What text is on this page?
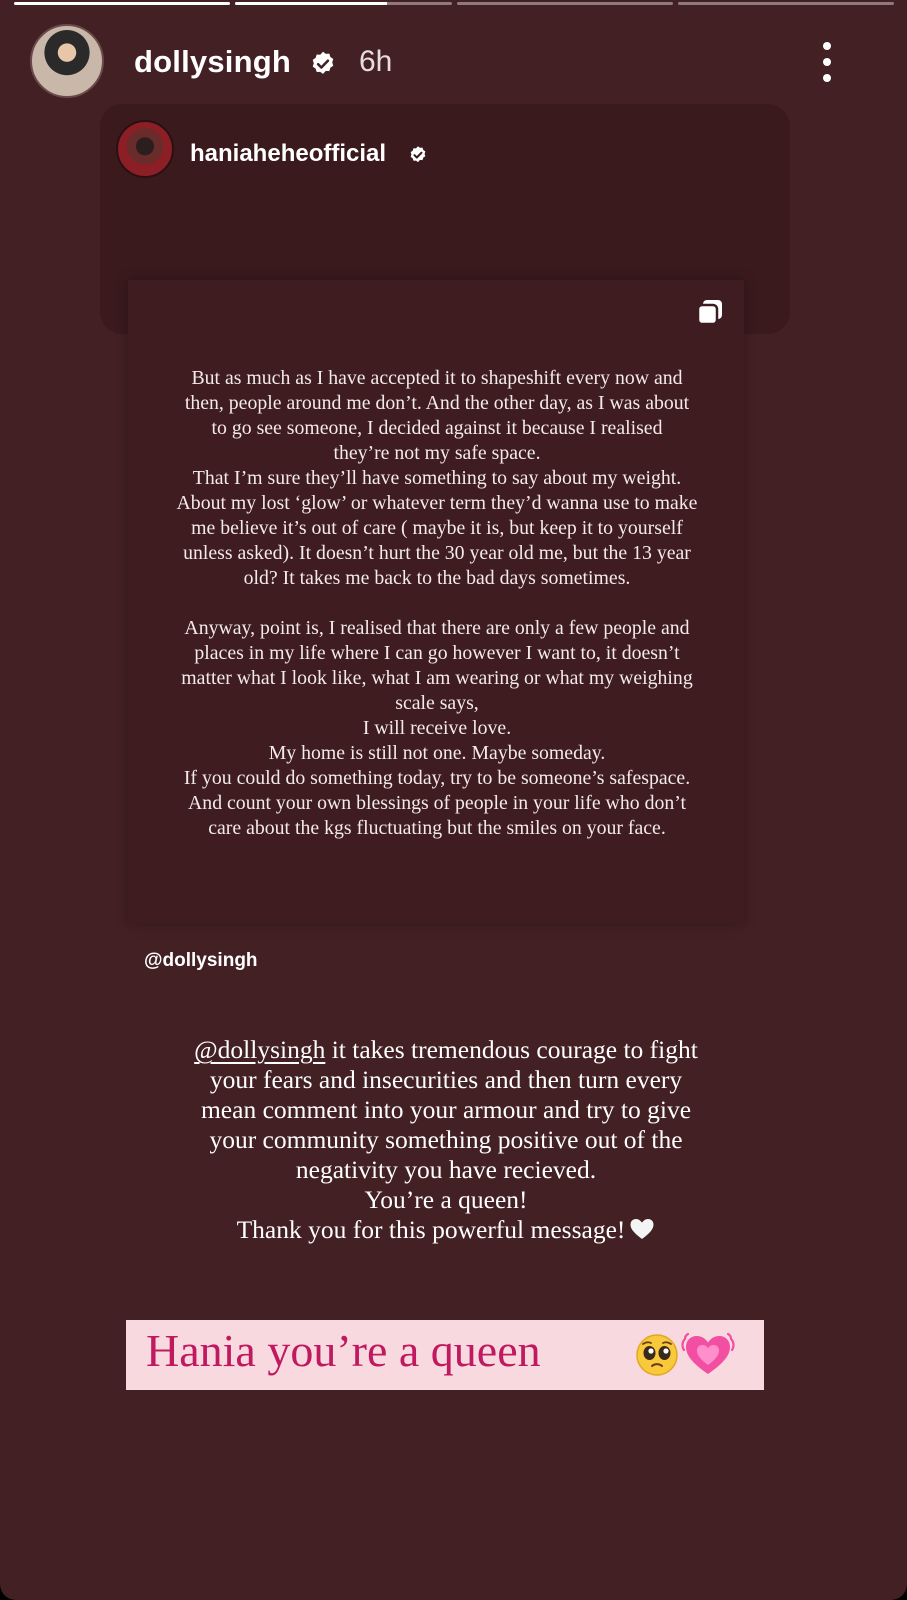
dollysingh 6h
haniaheheofficial

But as much as I have accepted it to shapeshift every now and

then, people around me don’t. And the other day, as I was about

to go see someone, I decided against it because I realised

they’re not my safe space.

That I’m sure they’ll have something to say about my weight.

About my lost ‘glow’ or whatever term they’d wanna use to make

me believe it’s out of care ( maybe it is, but keep it to yourself

unless asked). It doesn’t hurt the 30 year old me, but the 13 year

old? It takes me back to the bad days sometimes.

Anyway, point is, I realised that there are only a few people and

places in my life where I can go however I want to, it doesn’t

matter what I look like, what I am wearing or what my weighing

scale says,

I will receive love.

My home is still not one. Maybe someday.

If you could do something today, try to be someone’s safespace.

And count your own blessings of people in your life who don’t

care about the kgs fluctuating but the smiles on your face.

@dollysingh
@dollysingh it takes tremendous courage to fight
your fears and insecurities and then turn every
mean comment into your armour and try to give
your community something positive out of the
negativity you have recieved.
You’re a queen!
Thank you for this powerful message!
Hania you’re a queen
